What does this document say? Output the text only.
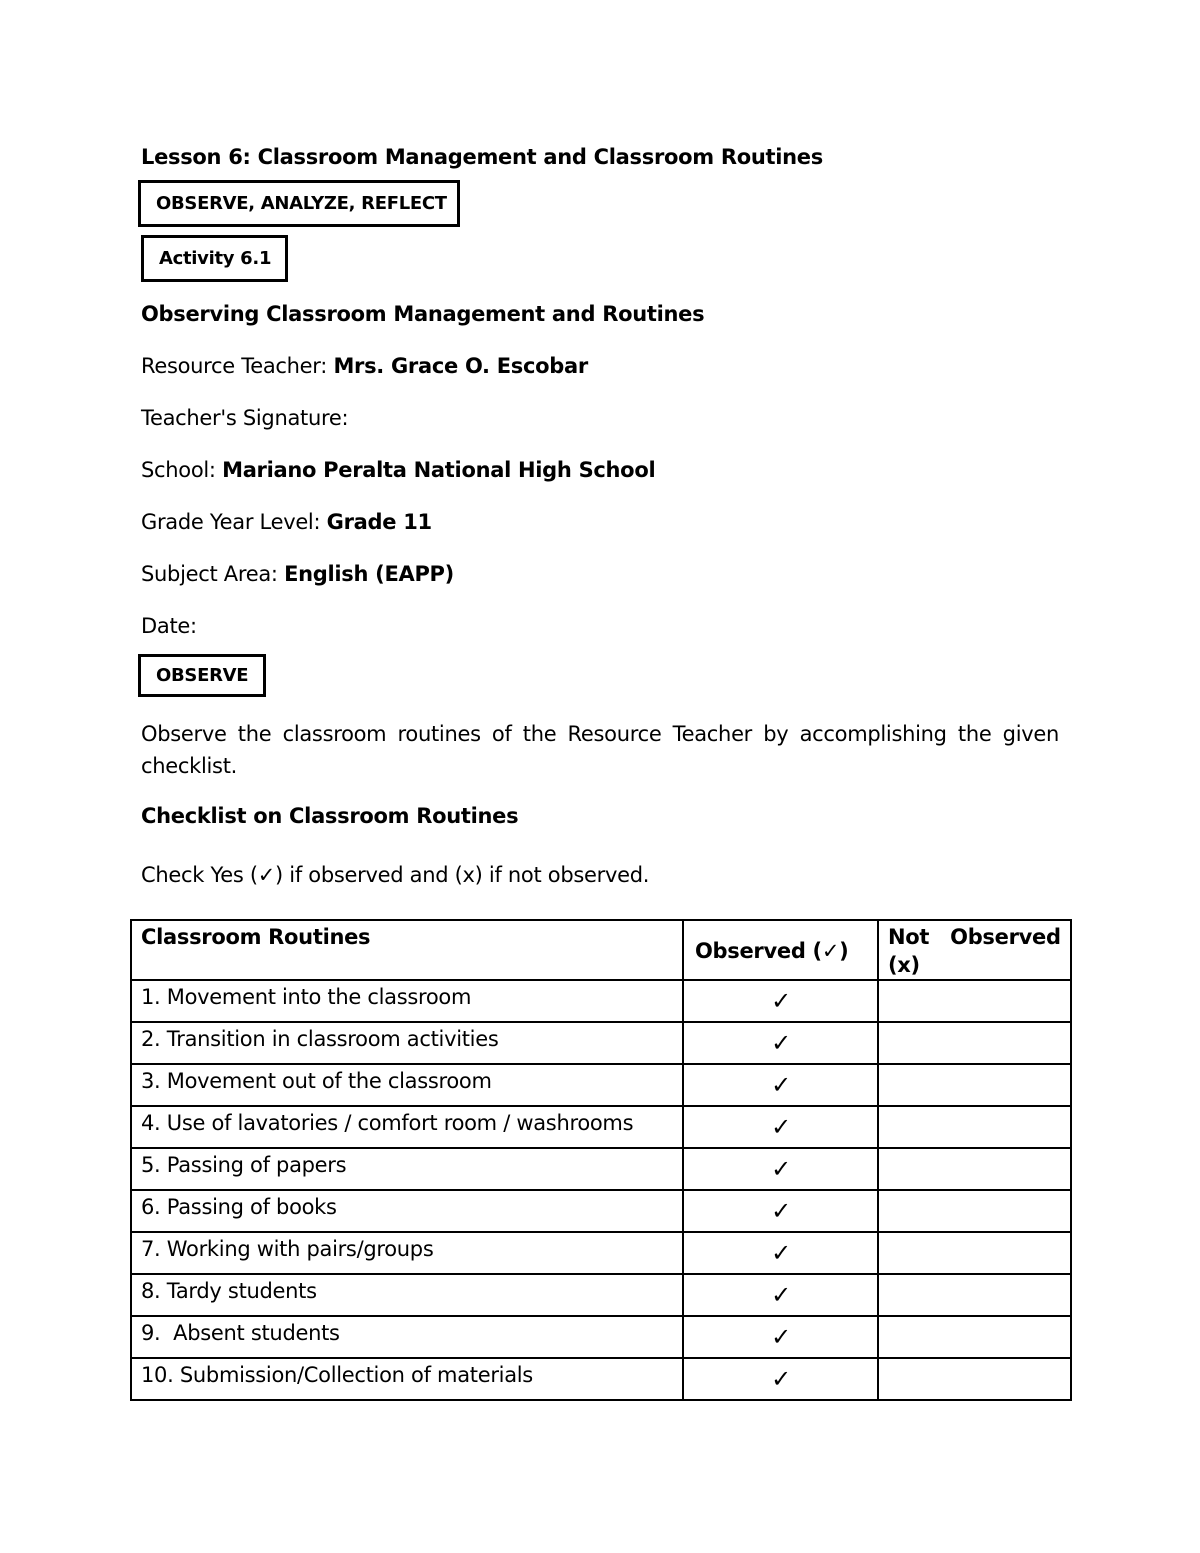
Lesson 6: Classroom Management and Classroom Routines
OBSERVE, ANALYZE, REFLECT
Activity 6.1
Observing Classroom Management and Routines
Resource Teacher: Mrs. Grace O. Escobar
Teacher's Signature:
School: Mariano Peralta National High School
Grade Year Level: Grade 11
Subject Area: English (EAPP)
Date:
OBSERVE
Observe the classroom routines of the Resource Teacher by accomplishing the given checklist.
Checklist on Classroom Routines
Check Yes (✓) if observed and (x) if not observed.
Classroom Routines	Observed (✓)	Not Observed (x)
1. Movement into the classroom	✓	
2. Transition in classroom activities	✓	
3. Movement out of the classroom	✓	
4. Use of lavatories / comfort room / washrooms	✓	
5. Passing of papers	✓	
6. Passing of books	✓	
7. Working with pairs/groups	✓	
8. Tardy students	✓	
9.  Absent students	✓	
10. Submission/Collection of materials	✓	
